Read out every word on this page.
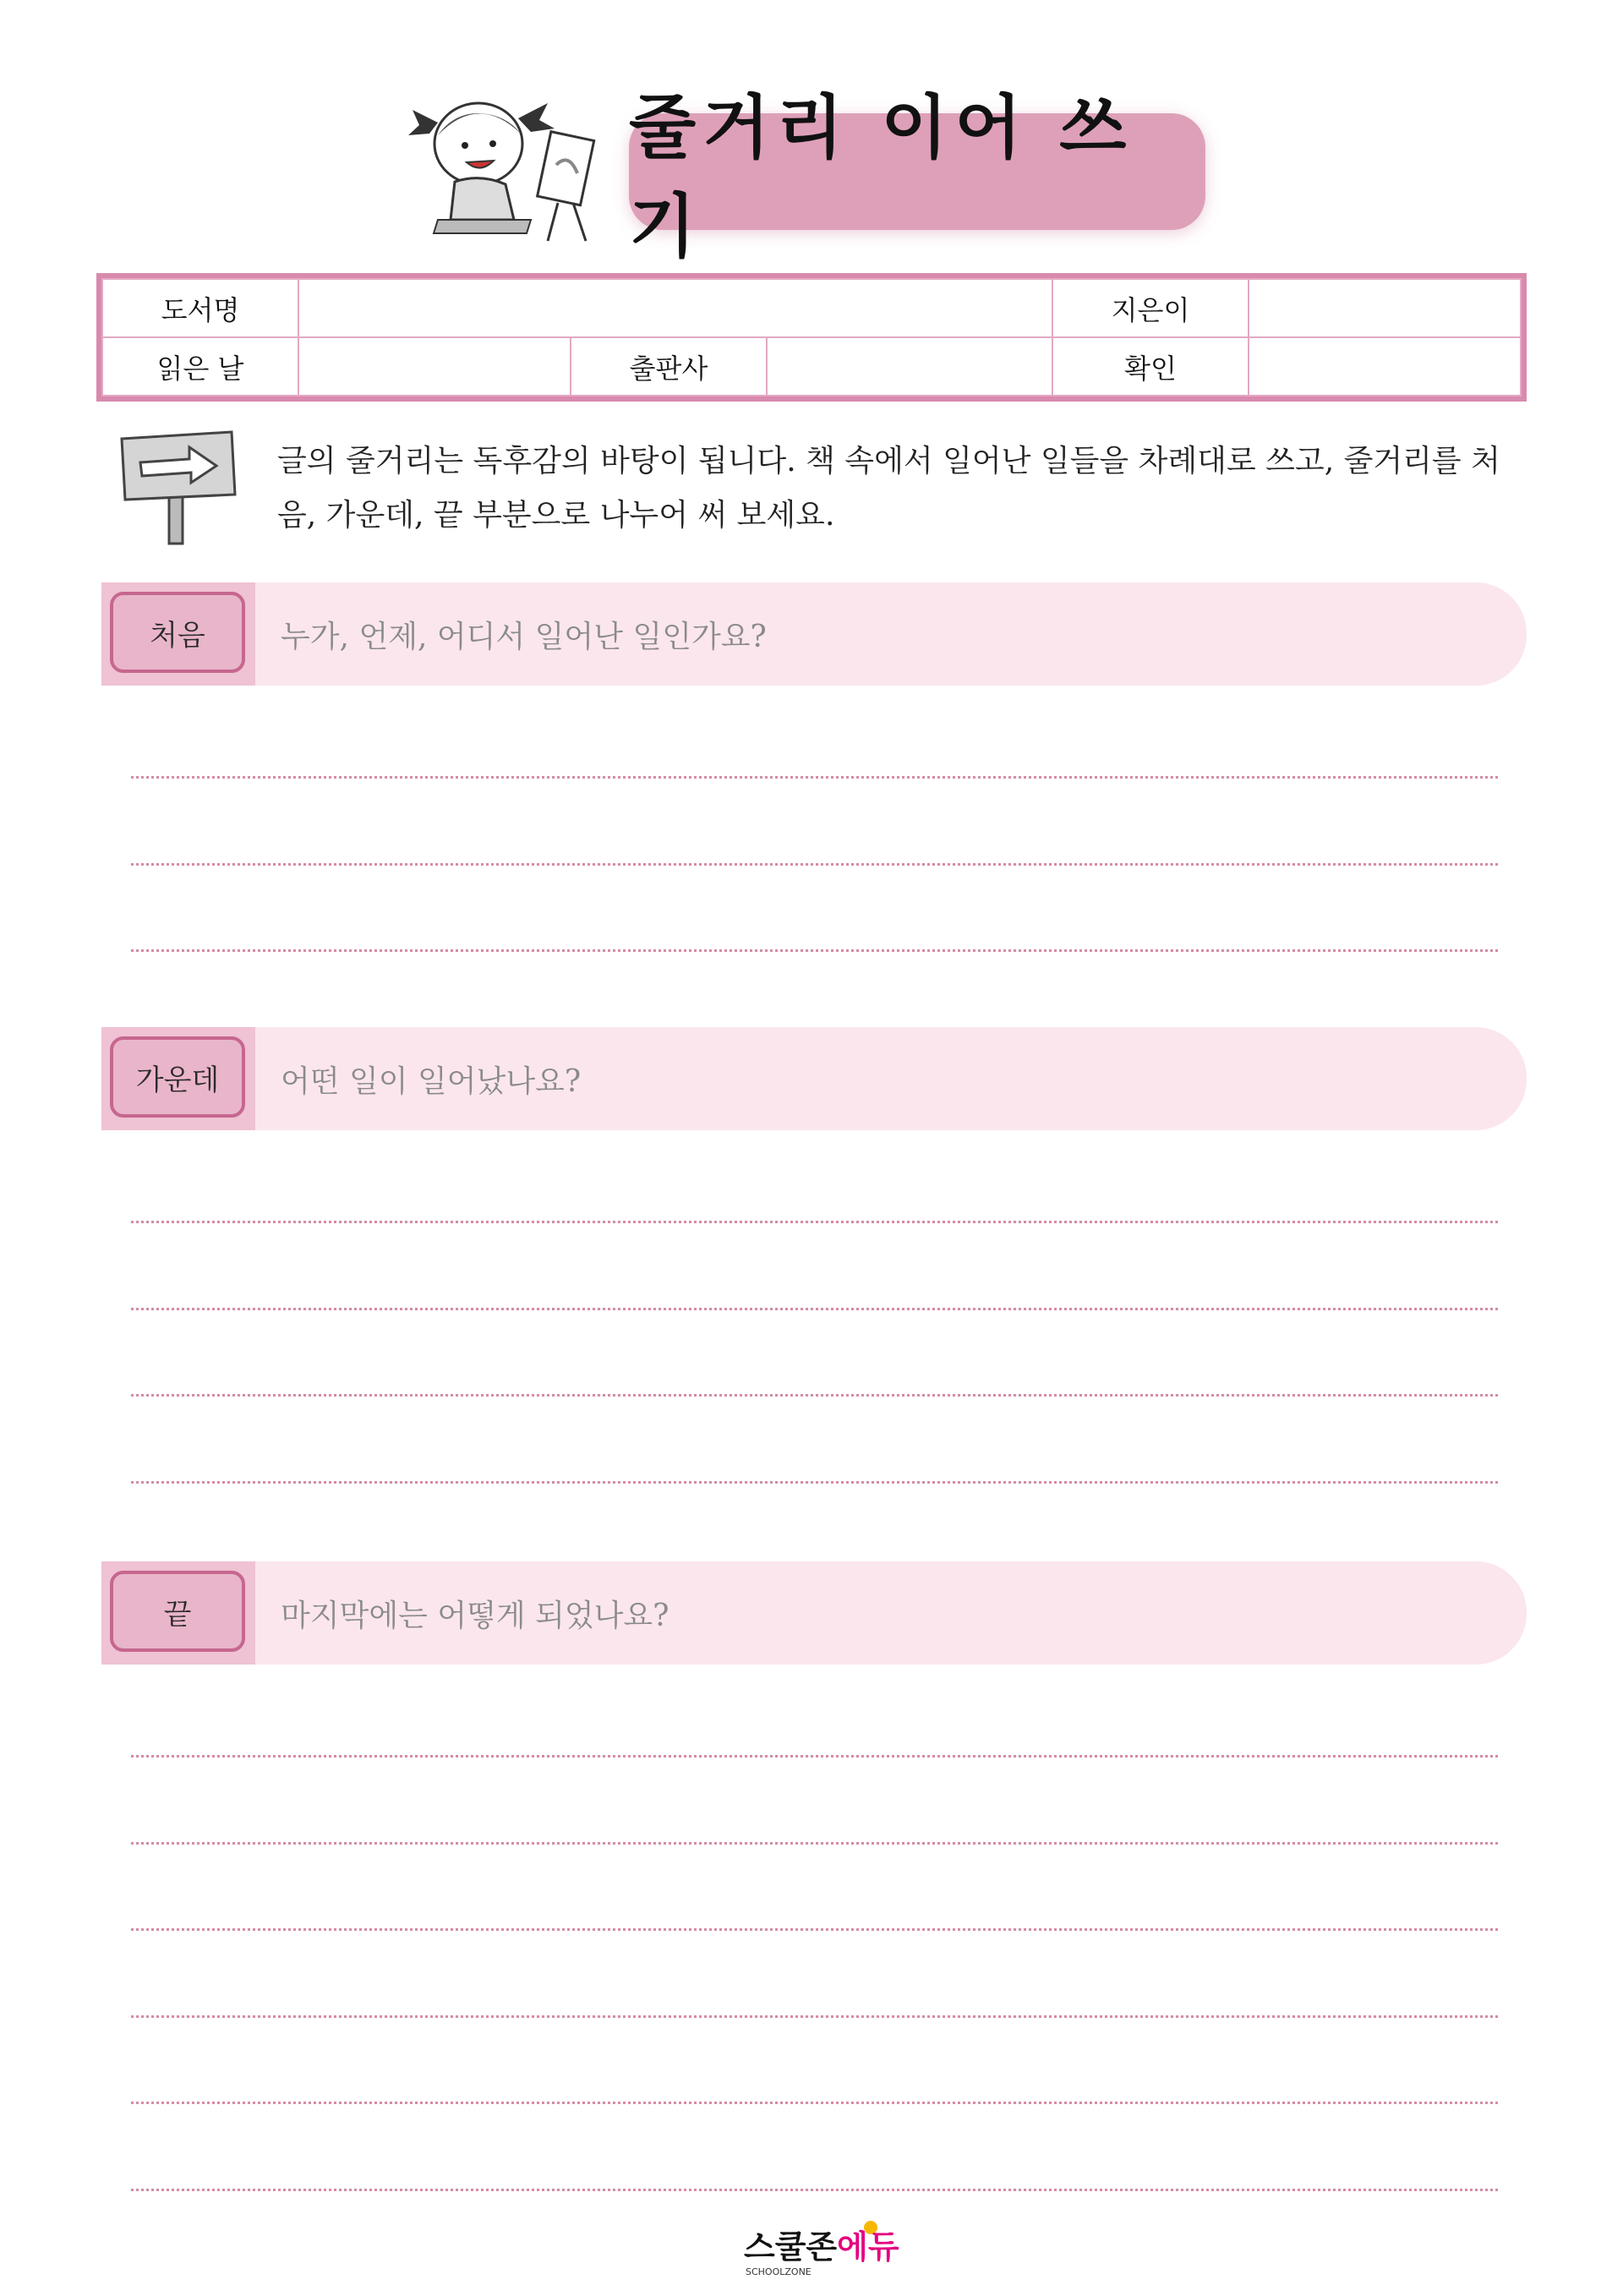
줄거리 이어 쓰기
도서명				지은이	
읽은 날		출판사		확인	
글의 줄거리는 독후감의 바탕이 됩니다. 책 속에서 일어난 일들을 차례대로 쓰고, 줄거리를 처음, 가운데, 끝 부분으로 나누어 써 보세요.
처음	누가, 언제, 어디서 일어난 일인가요?
가운데	어떤 일이 일어났나요?
끝	마지막에는 어떻게 되었나요?
스쿨존에듀
SCHOOLZONE
